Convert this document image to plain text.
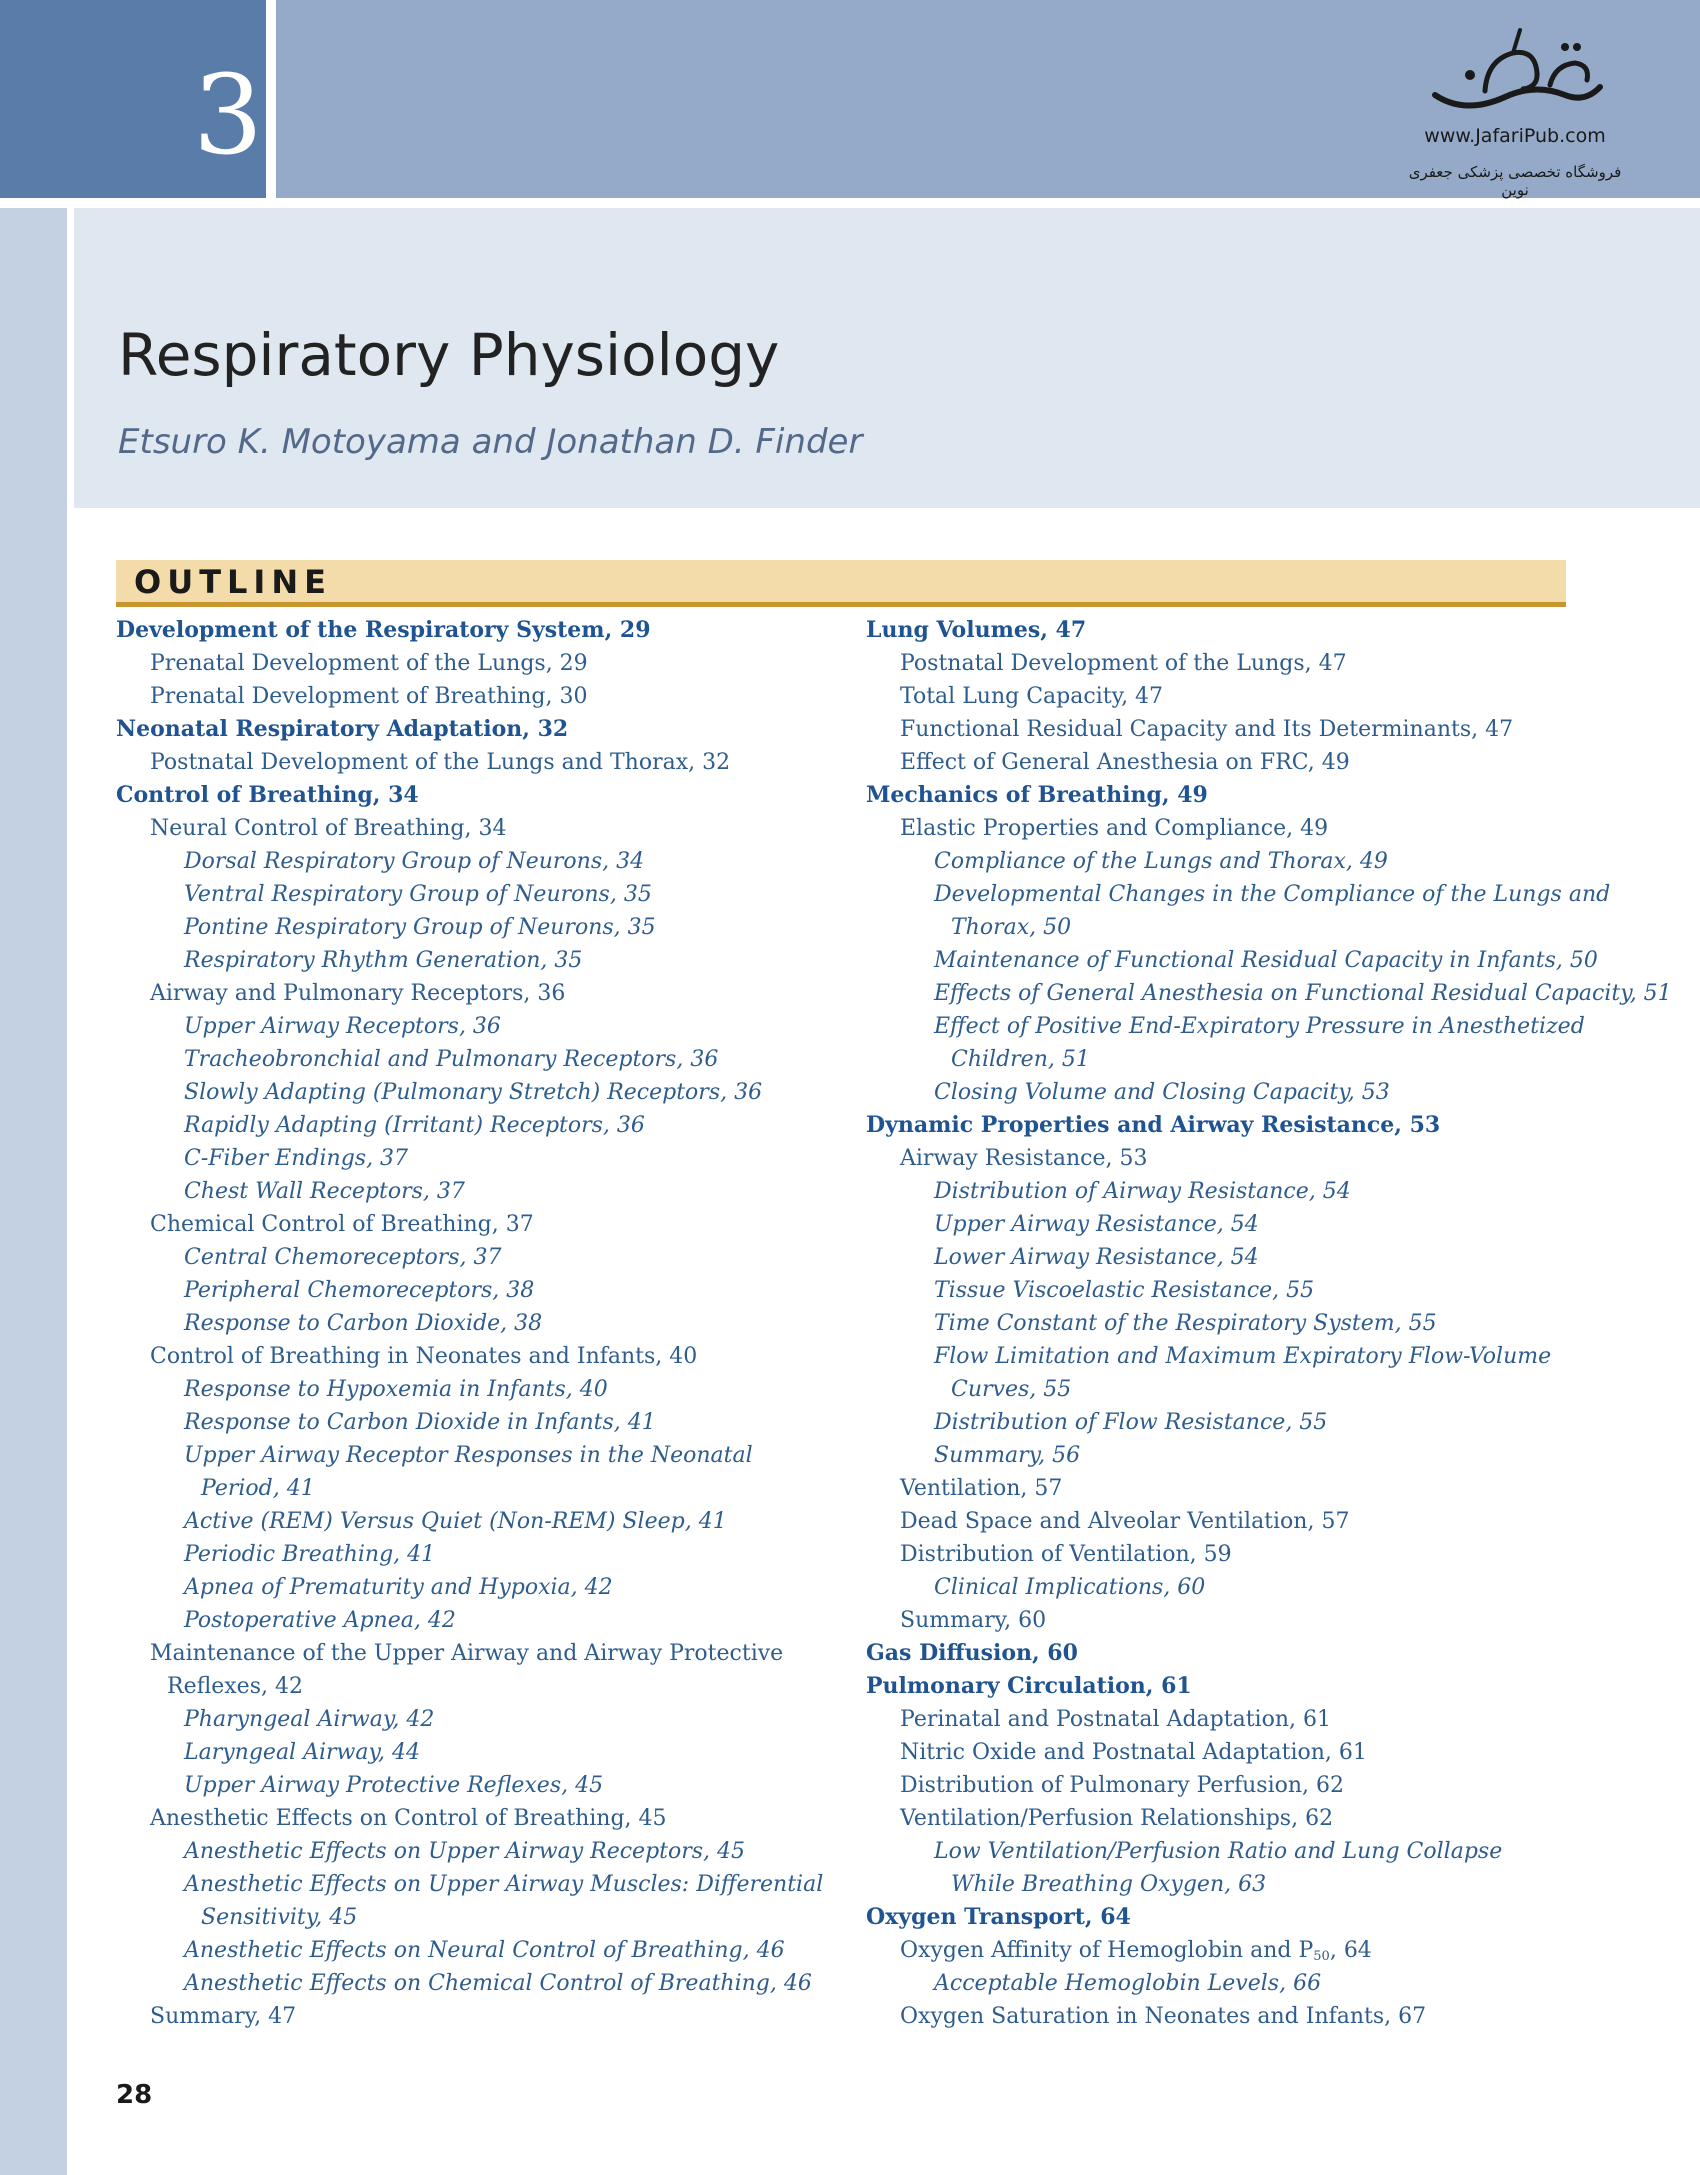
3	www.JafariPub.com
فروشگاه تخصصی پزشکی جعفری نوین
Respiratory Physiology
Etsuro K. Motoyama and Jonathan D. Finder
OUTLINE
Development of the Respiratory System, 29
Prenatal Development of the Lungs, 29
Prenatal Development of Breathing, 30
Neonatal Respiratory Adaptation, 32
Postnatal Development of the Lungs and Thorax, 32
Control of Breathing, 34
Neural Control of Breathing, 34
Dorsal Respiratory Group of Neurons, 34
Ventral Respiratory Group of Neurons, 35
Pontine Respiratory Group of Neurons, 35
Respiratory Rhythm Generation, 35
Airway and Pulmonary Receptors, 36
Upper Airway Receptors, 36
Tracheobronchial and Pulmonary Receptors, 36
Slowly Adapting (Pulmonary Stretch) Receptors, 36
Rapidly Adapting (Irritant) Receptors, 36
C-Fiber Endings, 37
Chest Wall Receptors, 37
Chemical Control of Breathing, 37
Central Chemoreceptors, 37
Peripheral Chemoreceptors, 38
Response to Carbon Dioxide, 38
Control of Breathing in Neonates and Infants, 40
Response to Hypoxemia in Infants, 40
Response to Carbon Dioxide in Infants, 41
Upper Airway Receptor Responses in the Neonatal
Period, 41
Active (REM) Versus Quiet (Non-REM) Sleep, 41
Periodic Breathing, 41
Apnea of Prematurity and Hypoxia, 42
Postoperative Apnea, 42
Maintenance of the Upper Airway and Airway Protective
Reflexes, 42
Pharyngeal Airway, 42
Laryngeal Airway, 44
Upper Airway Protective Reflexes, 45
Anesthetic Effects on Control of Breathing, 45
Anesthetic Effects on Upper Airway Receptors, 45
Anesthetic Effects on Upper Airway Muscles: Differential
Sensitivity, 45
Anesthetic Effects on Neural Control of Breathing, 46
Anesthetic Effects on Chemical Control of Breathing, 46
Summary, 47
Lung Volumes, 47
Postnatal Development of the Lungs, 47
Total Lung Capacity, 47
Functional Residual Capacity and Its Determinants, 47
Effect of General Anesthesia on FRC, 49
Mechanics of Breathing, 49
Elastic Properties and Compliance, 49
Compliance of the Lungs and Thorax, 49
Developmental Changes in the Compliance of the Lungs and
Thorax, 50
Maintenance of Functional Residual Capacity in Infants, 50
Effects of General Anesthesia on Functional Residual Capacity, 51
Effect of Positive End-Expiratory Pressure in Anesthetized
Children, 51
Closing Volume and Closing Capacity, 53
Dynamic Properties and Airway Resistance, 53
Airway Resistance, 53
Distribution of Airway Resistance, 54
Upper Airway Resistance, 54
Lower Airway Resistance, 54
Tissue Viscoelastic Resistance, 55
Time Constant of the Respiratory System, 55
Flow Limitation and Maximum Expiratory Flow-Volume
Curves, 55
Distribution of Flow Resistance, 55
Summary, 56
Ventilation, 57
Dead Space and Alveolar Ventilation, 57
Distribution of Ventilation, 59
Clinical Implications, 60
Summary, 60
Gas Diffusion, 60
Pulmonary Circulation, 61
Perinatal and Postnatal Adaptation, 61
Nitric Oxide and Postnatal Adaptation, 61
Distribution of Pulmonary Perfusion, 62
Ventilation/Perfusion Relationships, 62
Low Ventilation/Perfusion Ratio and Lung Collapse
While Breathing Oxygen, 63
Oxygen Transport, 64
Oxygen Affinity of Hemoglobin and $P_{50}$, 64
Acceptable Hemoglobin Levels, 66
Oxygen Saturation in Neonates and Infants, 67
28
